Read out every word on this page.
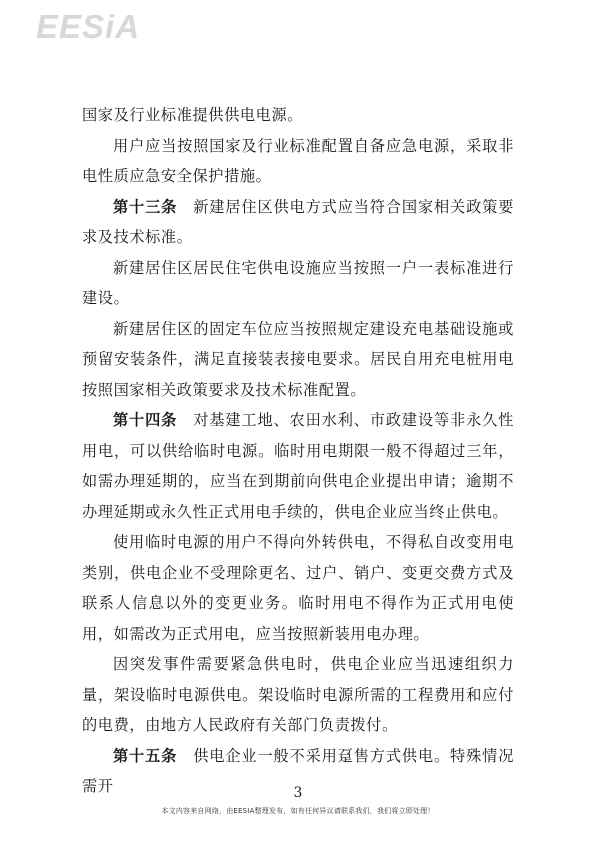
EESiA

国家及行业标准提供供电电源。

用户应当按照国家及行业标准配置自备应急电源，采取非电性质应急安全保护措施。

第十三条  新建居住区供电方式应当符合国家相关政策要求及技术标准。

新建居住区居民住宅供电设施应当按照一户一表标准进行建设。

新建居住区的固定车位应当按照规定建设充电基础设施或预留安装条件，满足直接装表接电要求。居民自用充电桩用电按照国家相关政策要求及技术标准配置。

第十四条  对基建工地、农田水利、市政建设等非永久性用电，可以供给临时电源。临时用电期限一般不得超过三年，如需办理延期的，应当在到期前向供电企业提出申请；逾期不办理延期或永久性正式用电手续的，供电企业应当终止供电。

使用临时电源的用户不得向外转供电，不得私自改变用电类别，供电企业不受理除更名、过户、销户、变更交费方式及联系人信息以外的变更业务。临时用电不得作为正式用电使用，如需改为正式用电，应当按照新装用电办理。

因突发事件需要紧急供电时，供电企业应当迅速组织力量，架设临时电源供电。架设临时电源所需的工程费用和应付的电费，由地方人民政府有关部门负责拨付。

第十五条  供电企业一般不采用趸售方式供电。特殊情况需开	3
本文内容来自网络，由EESIA整理发布，如有任何异议请联系我们，我们将立即处理！
